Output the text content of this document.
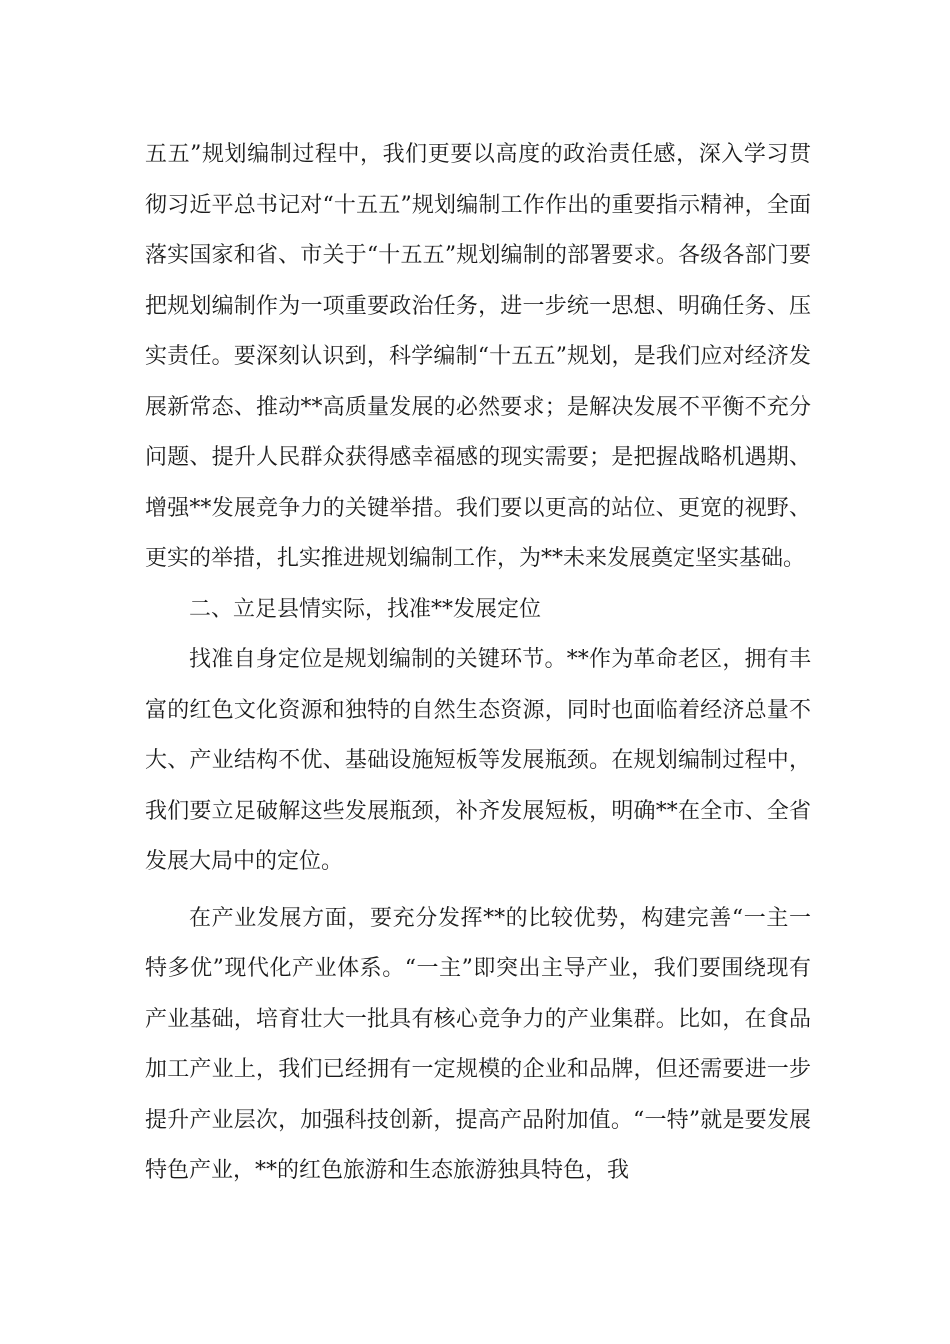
五五”规划编制过程中，我们更要以高度的政治责任感，深入学习贯彻习近平总书记对“十五五”规划编制工作作出的重要指示精神，全面落实国家和省、市关于“十五五”规划编制的部署要求。各级各部门要把规划编制作为一项重要政治任务，进一步统一思想、明确任务、压实责任。要深刻认识到，科学编制“十五五”规划，是我们应对经济发展新常态、推动**高质量发展的必然要求；是解决发展不平衡不充分问题、提升人民群众获得感幸福感的现实需要；是把握战略机遇期、增强**发展竞争力的关键举措。我们要以更高的站位、更宽的视野、更实的举措，扎实推进规划编制工作，为**未来发展奠定坚实基础。

二、立足县情实际，找准**发展定位

找准自身定位是规划编制的关键环节。**作为革命老区，拥有丰富的红色文化资源和独特的自然生态资源，同时也面临着经济总量不大、产业结构不优、基础设施短板等发展瓶颈。在规划编制过程中，我们要立足破解这些发展瓶颈，补齐发展短板，明确**在全市、全省发展大局中的定位。

在产业发展方面，要充分发挥**的比较优势，构建完善“一主一特多优”现代化产业体系。“一主”即突出主导产业，我们要围绕现有产业基础，培育壮大一批具有核心竞争力的产业集群。比如，在食品加工产业上，我们已经拥有一定规模的企业和品牌，但还需要进一步提升产业层次，加强科技创新，提高产品附加值。“一特”就是要发展特色产业，**的红色旅游和生态旅游独具特色，我
